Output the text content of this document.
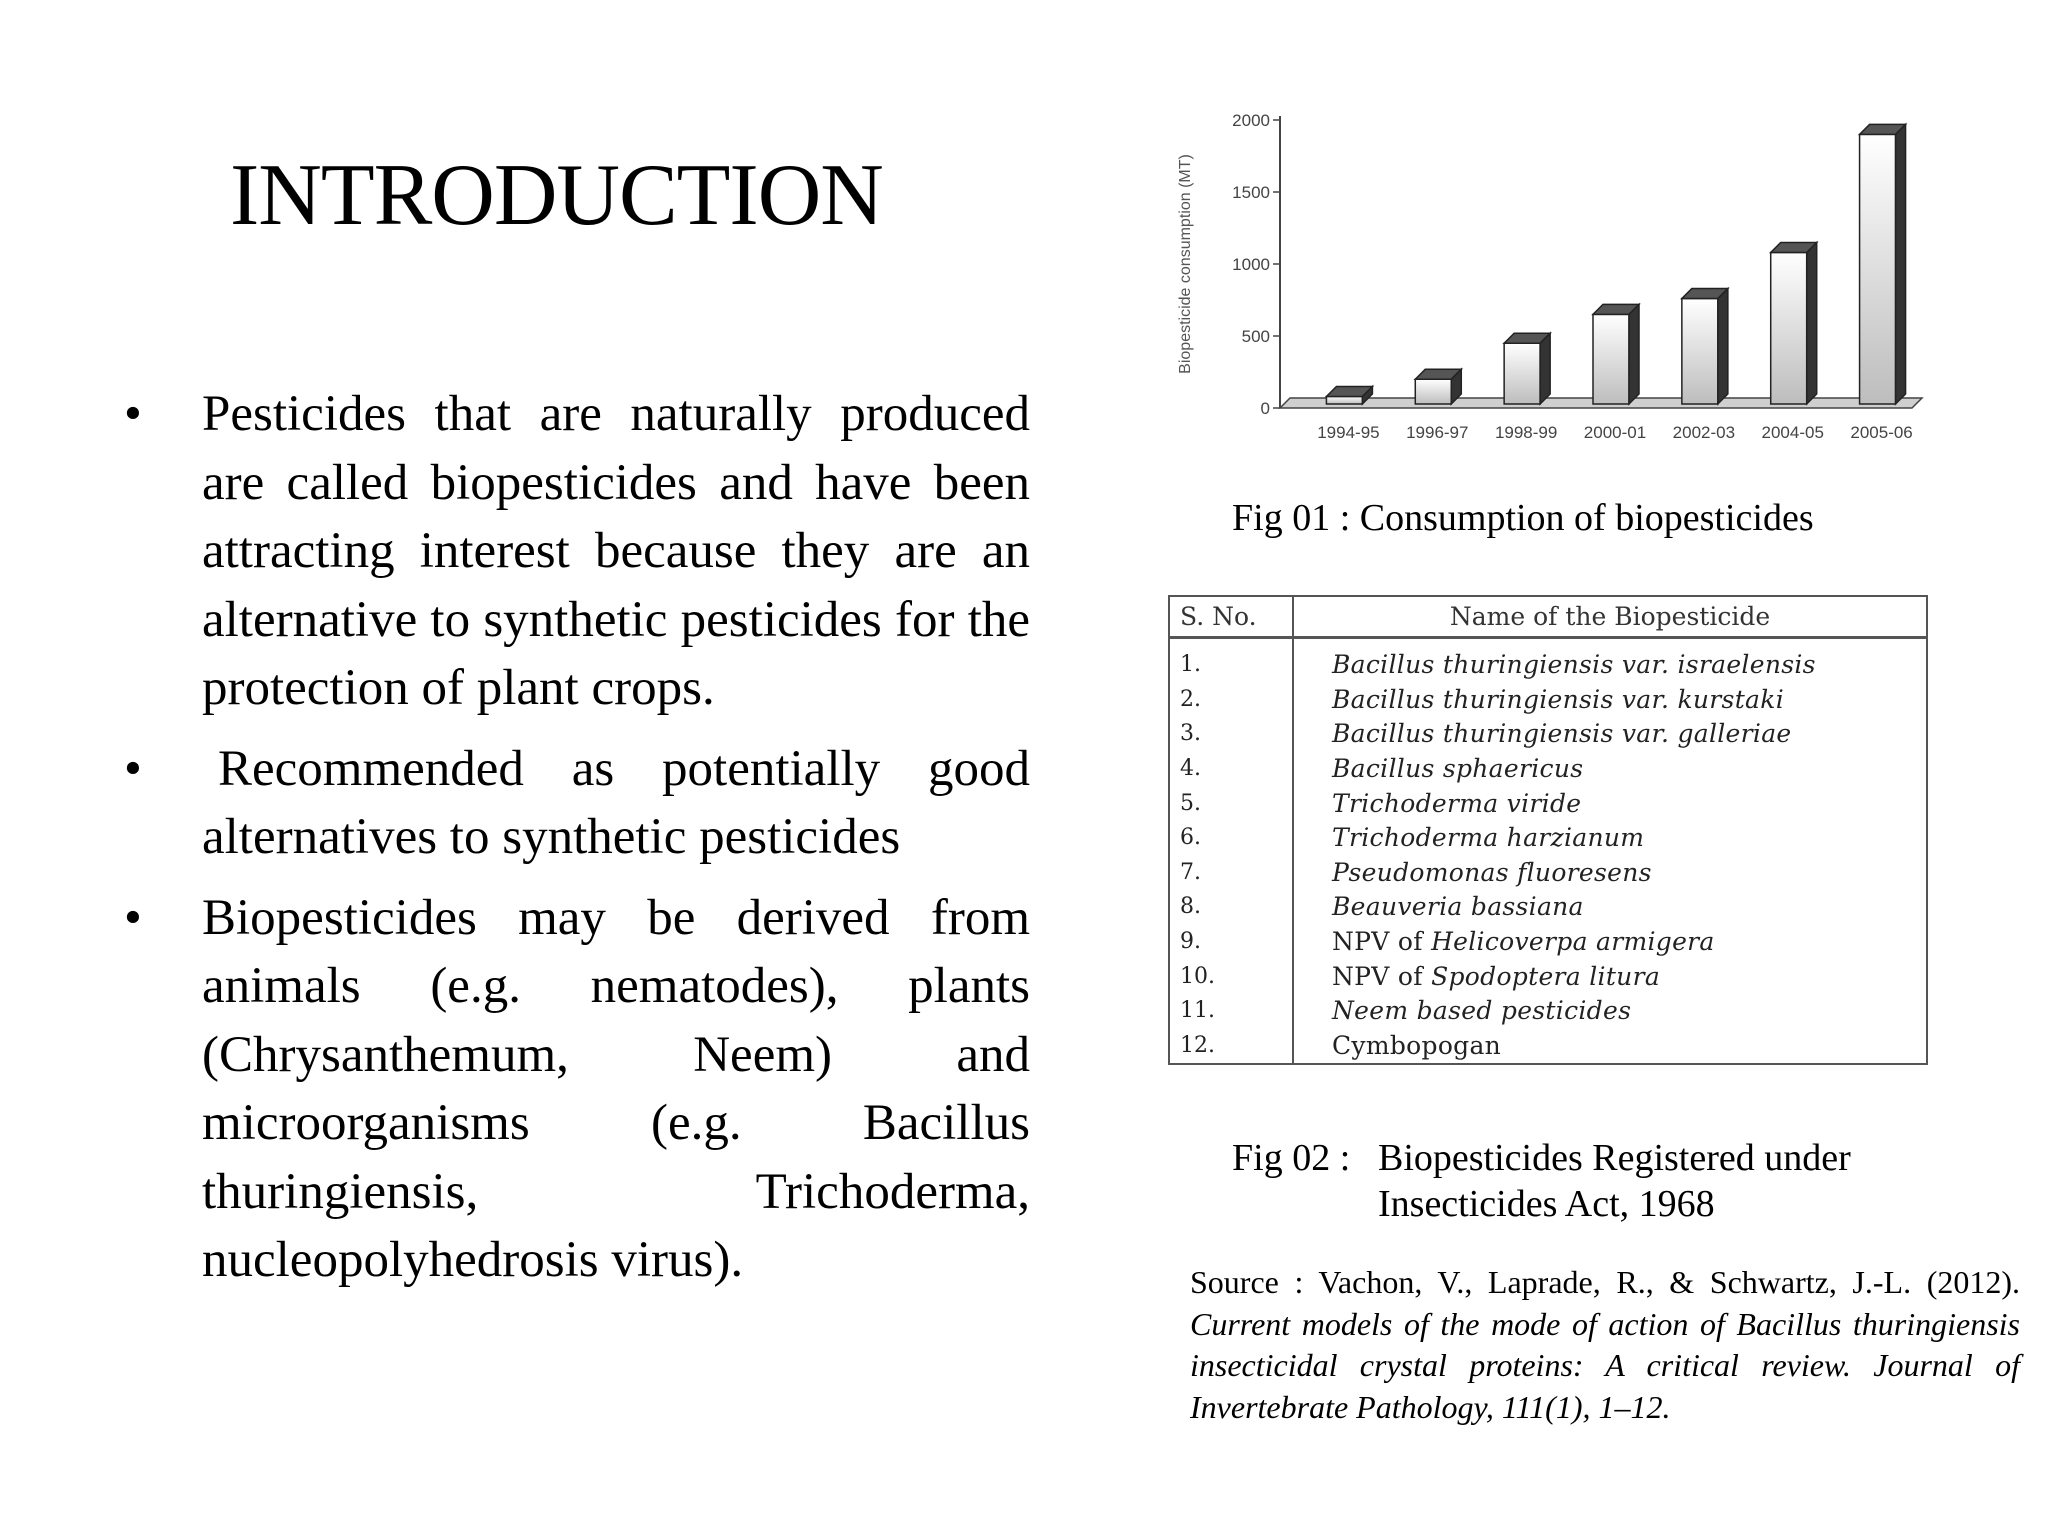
INTRODUCTION
• Pesticides that are naturally produced are called biopesticides and have been attracting interest because they are an alternative to synthetic pesticides for the protection of plant crops.
• Recommended as potentially good alternatives to synthetic pesticides
• Biopesticides may be derived from animals (e.g. nematodes), plants (Chrysanthemum, Neem) and microorganisms (e.g. Bacillus thuringiensis, Trichoderma, nucleopolyhedrosis virus).
0
500
1000
1500
2000
Biopesticide consumption (MT)
1994-95 1996-97 1998-99 2000-01 2002-03 2004-05 2005-06
Fig 01 : Consumption of biopesticides
S. No.	Name of the Biopesticide
1.	Bacillus thuringiensis var. israelensis
2.	Bacillus thuringiensis var. kurstaki
3.	Bacillus thuringiensis var. galleriae
4.	Bacillus sphaericus
5.	Trichoderma viride
6.	Trichoderma harzianum
7.	Pseudomonas fluoresens
8.	Beauveria bassiana
9.	NPV of Helicoverpa armigera
10.	NPV of Spodoptera litura
11.	Neem based pesticides
12.	Cymbopogan
Fig 02 : Biopesticides Registered under
Insecticides Act, 1968
Source : Vachon, V., Laprade, R., & Schwartz, J.-L. (2012). Current models of the mode of action of Bacillus thuringiensis insecticidal crystal proteins: A critical review. Journal of Invertebrate Pathology, 111(1), 1–12.
